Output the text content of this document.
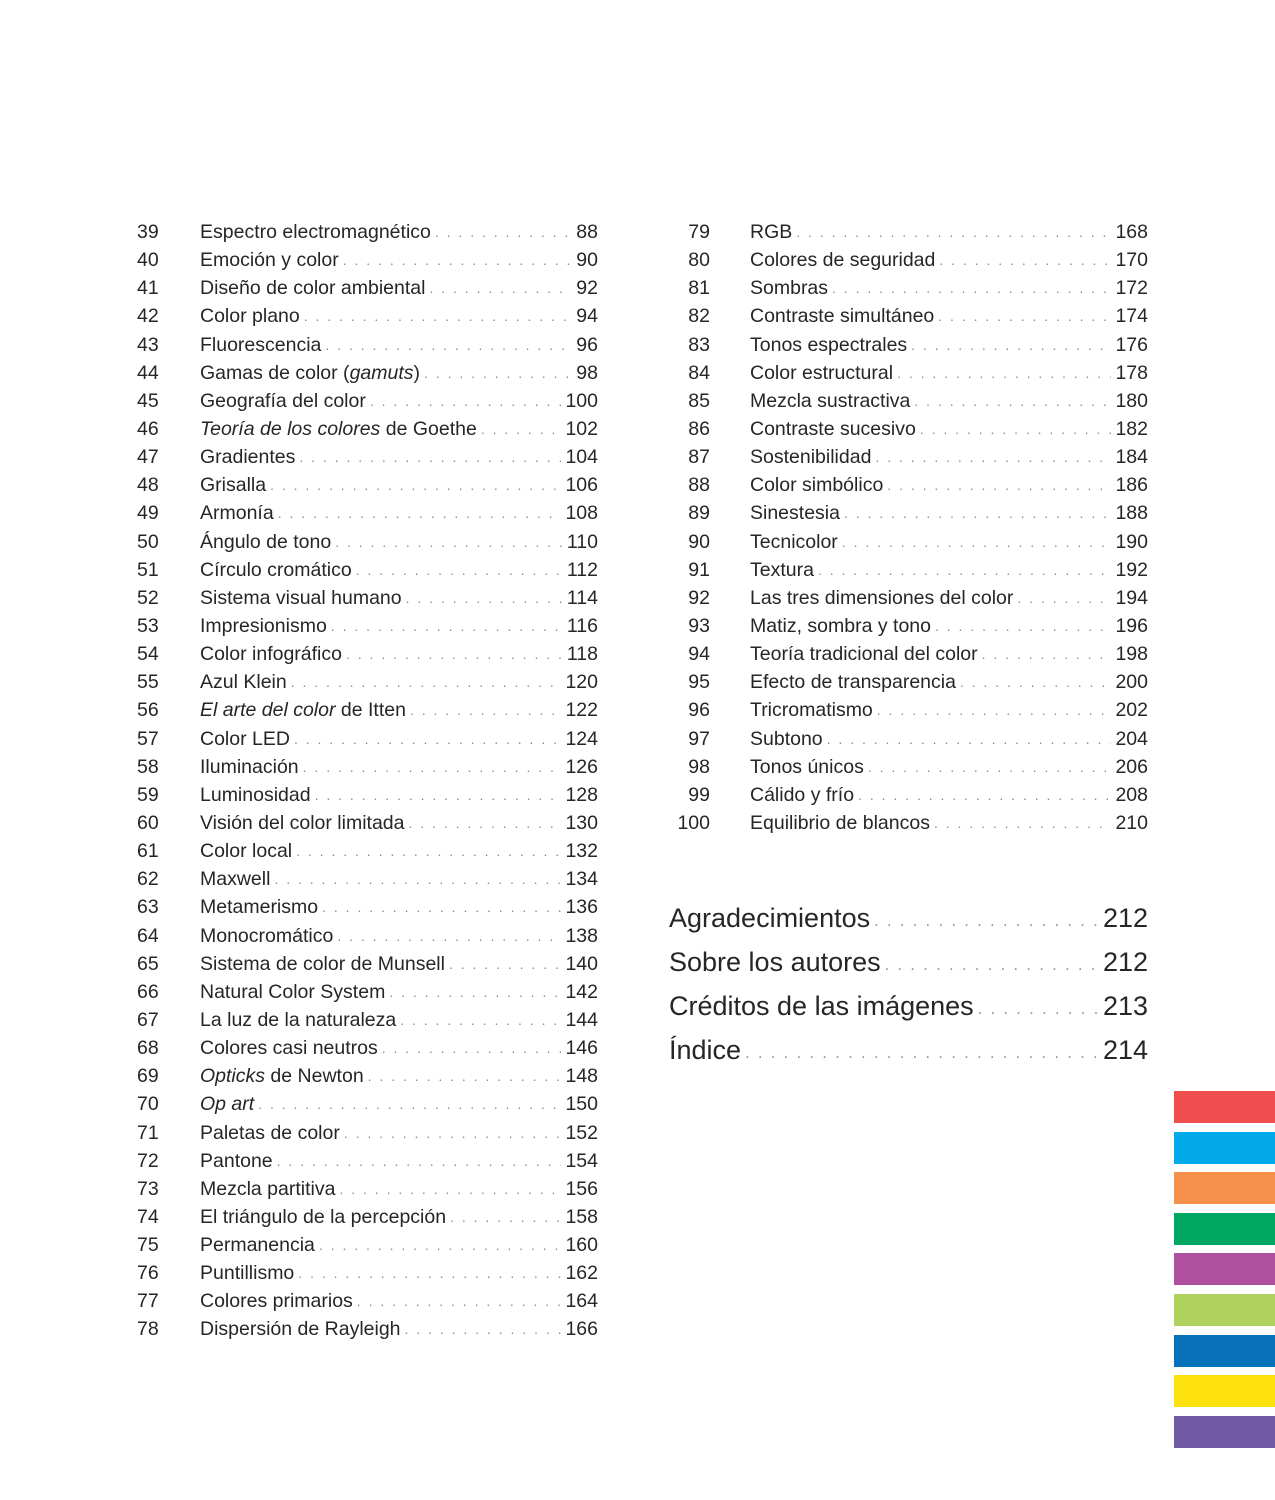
39	Espectro electromagnético . . .	88
40	Emoción y color . . .	90
41	Diseño de color ambiental . . .	92
42	Color plano . . .	94
43	Fluorescencia . . .	96
44	Gamas de color (gamuts) . . .	98
45	Geografía del color . . .	100
46	Teoría de los colores de Goethe . . .	102
47	Gradientes . . .	104
48	Grisalla . . .	106
49	Armonía . . .	108
50	Ángulo de tono . . .	110
51	Círculo cromático . . .	112
52	Sistema visual humano . . .	114
53	Impresionismo . . .	116
54	Color infográfico . . .	118
55	Azul Klein . . .	120
56	El arte del color de Itten . . .	122
57	Color LED . . .	124
58	Iluminación . . .	126
59	Luminosidad . . .	128
60	Visión del color limitada . . .	130
61	Color local . . .	132
62	Maxwell . . .	134
63	Metamerismo . . .	136
64	Monocromático . . .	138
65	Sistema de color de Munsell . . .	140
66	Natural Color System . . .	142
67	La luz de la naturaleza . . .	144
68	Colores casi neutros . . .	146
69	Opticks de Newton . . .	148
70	Op art . . .	150
71	Paletas de color . . .	152
72	Pantone . . .	154
73	Mezcla partitiva . . .	156
74	El triángulo de la percepción . . .	158
75	Permanencia . . .	160
76	Puntillismo . . .	162
77	Colores primarios . . .	164
78	Dispersión de Rayleigh . . .	166
79 RGB . . .	168
80 Colores de seguridad . . .	170
81 Sombras . . .	172
82 Contraste simultáneo . . .	174
83 Tonos espectrales . . .	176
84 Color estructural . . .	178
85 Mezcla sustractiva . . .	180
86 Contraste sucesivo . . .	182
87 Sostenibilidad . . .	184
88 Color simbólico . . .	186
89 Sinestesia . . .	188
90 Tecnicolor . . .	190
91 Textura . . .	192
92 Las tres dimensiones del color . . .	194
93 Matiz, sombra y tono . . .	196
94 Teoría tradicional del color . . .	198
95 Efecto de transparencia . . .	200
96 Tricromatismo . . .	202
97 Subtono . . .	204
98 Tonos únicos . . .	206
99 Cálido y frío . . .	208
100 Equilibrio de blancos . . .	210
Agradecimientos . . .	212
Sobre los autores . . .	212
Créditos de las imágenes . . .	213
Índice . . .	214
